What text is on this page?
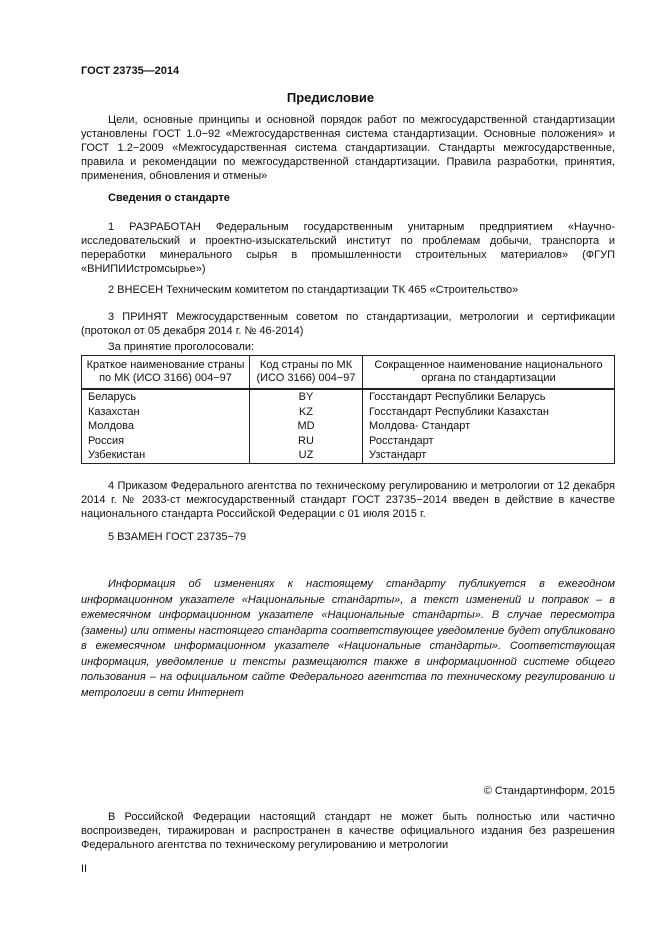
ГОСТ 23735—2014
Предисловие
Цели, основные принципы и основной порядок работ по межгосударственной стандартизации установлены ГОСТ 1.0−92 «Межгосударственная система стандартизации. Основные положения» и ГОСТ 1.2−2009 «Межгосударственная система стандартизации. Стандарты межгосударственные, правила и рекомендации по межгосударственной стандартизации. Правила разработки, принятия, применения, обновления и отмены»
Сведения о стандарте
1 РАЗРАБОТАН Федеральным государственным унитарным предприятием «Научно-исследовательский и проектно-изыскательский институт по проблемам добычи, транспорта и переработки минерального сырья в промышленности строительных материалов» (ФГУП «ВНИПИИстромсырье»)
2 ВНЕСЕН Техническим комитетом по стандартизации ТК 465 «Строительство»
3 ПРИНЯТ Межгосударственным советом по стандартизации, метрологии и сертификации (протокол от 05 декабря 2014 г. № 46-2014)
За принятие проголосовали:
Краткое наименование страны по МК (ИСО 3166) 004−97	Код страны по МК (ИСО 3166) 004−97	Сокращенное наименование национального органа по стандартизации
Беларусь	BY	Госстандарт Республики Беларусь
Казахстан	KZ	Госстандарт Республики Казахстан
Молдова	MD	Молдова- Стандарт
Россия	RU	Росстандарт
Узбекистан	UZ	Узстандарт
4 Приказом Федерального агентства по техническому регулированию и метрологии от 12 декабря 2014 г. № 2033-ст межгосударственный стандарт ГОСТ 23735−2014 введен в действие в качестве национального стандарта Российской Федерации с 01 июля 2015 г.
5 ВЗАМЕН ГОСТ 23735−79
Информация об изменениях к настоящему стандарту публикуется в ежегодном информационном указателе «Национальные стандарты», а текст изменений и поправок – в ежемесячном информационном указателе «Национальные стандарты». В случае пересмотра (замены) или отмены настоящего стандарта соответствующее уведомление будет опубликовано в ежемесячном информационном указателе «Национальные стандарты». Соответствующая информация, уведомление и тексты размещаются также в информационной системе общего пользования – на официальном сайте Федерального агентства по техническому регулированию и метрологии в сети Интернет
© Стандартинформ, 2015
В Российской Федерации настоящий стандарт не может быть полностью или частично воспроизведен, тиражирован и распространен в качестве официального издания без разрешения Федерального агентства по техническому регулированию и метрологии
II
